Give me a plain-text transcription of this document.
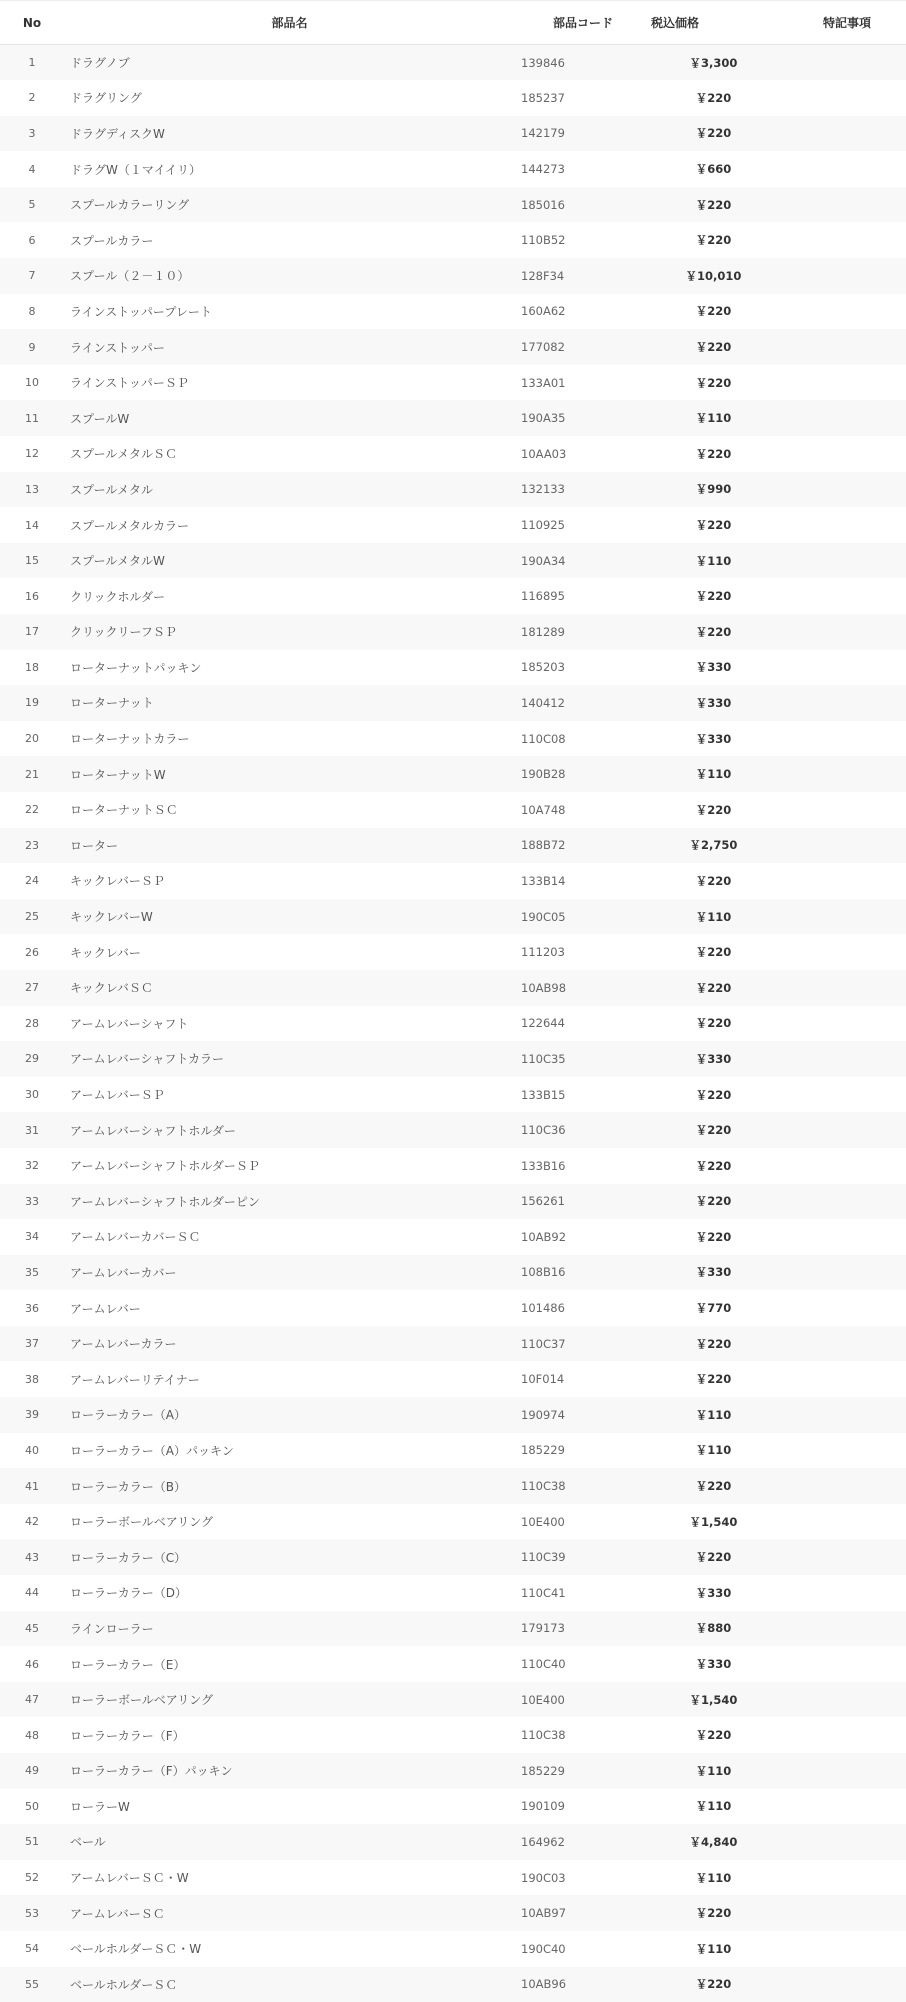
No	部品名	部品コード	税込価格	特記事項
1	ドラグノブ	139846	￥3,300	
2	ドラグリング	185237	￥220	
3	ドラグディスクW	142179	￥220	
4	ドラグW（１マイイリ）	144273	￥660	
5	スプールカラーリング	185016	￥220	
6	スプールカラー	110B52	￥220	
7	スプール（２－１０）	128F34	￥10,010	
8	ラインストッパープレート	160A62	￥220	
9	ラインストッパー	177082	￥220	
10	ラインストッパーＳＰ	133A01	￥220	
11	スプールW	190A35	￥110	
12	スプールメタルＳＣ	10AA03	￥220	
13	スプールメタル	132133	￥990	
14	スプールメタルカラー	110925	￥220	
15	スプールメタルW	190A34	￥110	
16	クリックホルダー	116895	￥220	
17	クリックリーフＳＰ	181289	￥220	
18	ローターナットパッキン	185203	￥330	
19	ローターナット	140412	￥330	
20	ローターナットカラー	110C08	￥330	
21	ローターナットW	190B28	￥110	
22	ローターナットＳＣ	10A748	￥220	
23	ローター	188B72	￥2,750	
24	キックレバーＳＰ	133B14	￥220	
25	キックレバーW	190C05	￥110	
26	キックレバー	111203	￥220	
27	キックレバＳＣ	10AB98	￥220	
28	アームレバーシャフト	122644	￥220	
29	アームレバーシャフトカラー	110C35	￥330	
30	アームレバーＳＰ	133B15	￥220	
31	アームレバーシャフトホルダー	110C36	￥220	
32	アームレバーシャフトホルダーＳＰ	133B16	￥220	
33	アームレバーシャフトホルダーピン	156261	￥220	
34	アームレバーカバーＳＣ	10AB92	￥220	
35	アームレバーカバー	108B16	￥330	
36	アームレバー	101486	￥770	
37	アームレバーカラー	110C37	￥220	
38	アームレバーリテイナー	10F014	￥220	
39	ローラーカラー（A）	190974	￥110	
40	ローラーカラー（A）パッキン	185229	￥110	
41	ローラーカラー（B）	110C38	￥220	
42	ローラーボールベアリング	10E400	￥1,540	
43	ローラーカラー（C）	110C39	￥220	
44	ローラーカラー（D）	110C41	￥330	
45	ラインローラー	179173	￥880	
46	ローラーカラー（E）	110C40	￥330	
47	ローラーボールベアリング	10E400	￥1,540	
48	ローラーカラー（F）	110C38	￥220	
49	ローラーカラー（F）パッキン	185229	￥110	
50	ローラーW	190109	￥110	
51	ベール	164962	￥4,840	
52	アームレバーＳＣ・W	190C03	￥110	
53	アームレバーＳＣ	10AB97	￥220	
54	ベールホルダーＳＣ・W	190C40	￥110	
55	ベールホルダーＳＣ	10AB96	￥220	
